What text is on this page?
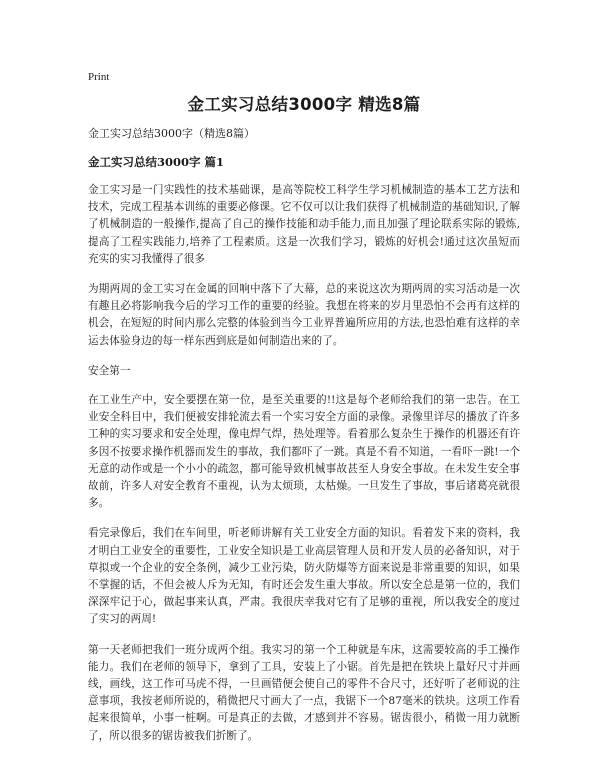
Print
金工实习总结3000字 精选8篇
金工实习总结3000字（精选8篇）
金工实习总结3000字 篇1

金工实习是一门实践性的技术基础课，是高等院校工科学生学习机械制造的基本工艺方法和技术，完成工程基本训练的重要必修课。它不仅可以让我们获得了机械制造的基础知识,了解了机械制造的一般操作,提高了自己的操作技能和动手能力,而且加强了理论联系实际的锻炼,提高了工程实践能力,培养了工程素质。这是一次我们学习，锻炼的好机会!通过这次虽短而充实的实习我懂得了很多

为期两周的金工实习在金属的回响中落下了大幕，总的来说这次为期两周的实习活动是一次有趣且必将影响我今后的学习工作的重要的经验。我想在将来的岁月里恐怕不会再有这样的机会，在短短的时间内那么完整的体验到当今工业界普遍所应用的方法,也恐怕难有这样的幸运去体验身边的每一样东西到底是如何制造出来的了。

安全第一

在工业生产中，安全要摆在第一位，是至关重要的!!这是每个老师给我们的第一忠告。在工业安全科目中，我们便被安排轮流去看一个实习安全方面的录像。录像里详尽的播放了许多工种的实习要求和安全处理，像电焊气焊，热处理等。看着那么复杂生于操作的机器还有许多因不按要求操作机器而发生的事故，我们都吓了一跳。真是不看不知道，一看吓一跳!一个无意的动作或是一个小小的疏忽，都可能导致机械事故甚至人身安全事故。在未发生安全事故前，许多人对安全教育不重视，认为太烦琐，太枯燥。一旦发生了事故，事后诸葛亮就很多。

看完录像后，我们在车间里，听老师讲解有关工业安全方面的知识。看着发下来的资料，我才明白工业安全的重要性，工业安全知识是工业高层管理人员和开发人员的必备知识，对于草拟或一个企业的安全条例，减少工业污染，防火防爆等方面来说是非常重要的知识，如果不掌握的话，不但会被人斥为无知，有时还会发生重大事故。所以安全总是第一位的，我们深深牢记于心，做起事来认真，严肃。我很庆幸我对它有了足够的重视，所以我安全的度过了实习的两周!

第一天老师把我们一班分成两个组。我实习的第一个工种就是车床，这需要较高的手工操作能力。我们在老师的领导下，拿到了工具，安装上了小锯。首先是把在铁块上量好尺寸并画线，画线，这工作可马虎不得，一旦画错便会使自己的零件不合尺寸，还好听了老师说的注意事项，我按老师所说的，稍微把尺寸画大了一点，我锯下一个87毫米的铁块。这项工作看起来很简单，小事一桩啊。可是真正的去做，才感到并不容易。锯齿很小，稍微一用力就断了，所以很多的锯齿被我们折断了。
